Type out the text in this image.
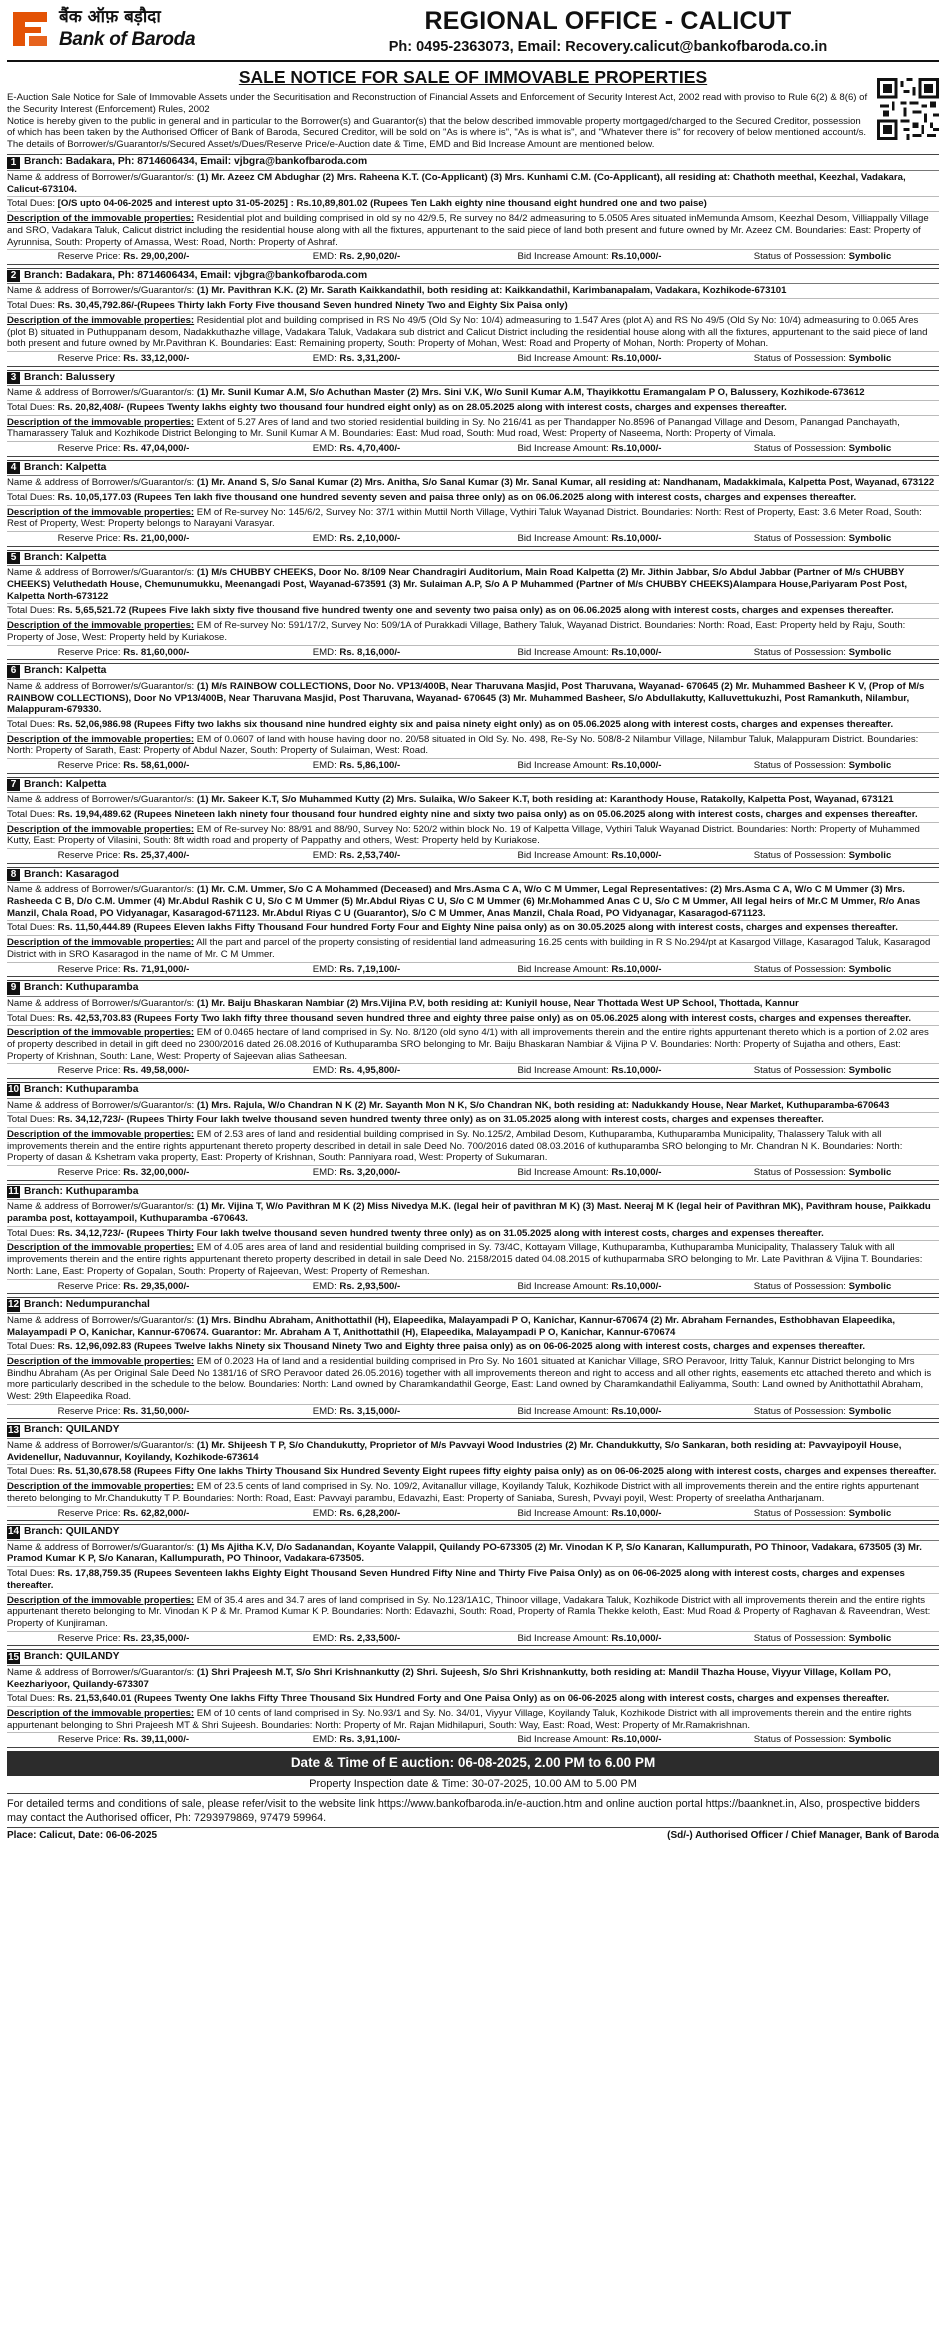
बैंक ऑफ़ बड़ौदा
Bank of Baroda
REGIONAL OFFICE - CALICUT
Ph: 0495-2363073, Email: Recovery.calicut@bankofbaroda.co.in
SALE NOTICE FOR SALE OF IMMOVABLE PROPERTIES
E-Auction Sale Notice for Sale of Immovable Assets under the Securitisation and Reconstruction of Financial Assets and Enforcement of Security Interest Act, 2002 read with proviso to Rule 6(2) & 8(6) of the Security Interest (Enforcement) Rules, 2002
Notice is hereby given to the public in general and in particular to the Borrower(s) and Guarantor(s) that the below described immovable property mortgaged/charged to the Secured Creditor, possession of which has been taken by the Authorised Officer of Bank of Baroda, Secured Creditor, will be sold on "As is where is", "As is what is", and "Whatever there is" for recovery of below mentioned account/s. The details of Borrower/s/Guarantor/s/Secured Asset/s/Dues/Reserve Price/e-Auction date & Time, EMD and Bid Increase Amount are mentioned below.
1 Branch: Badakara, Ph: 8714606434, Email: vjbgra@bankofbaroda.com
Name & address of Borrower/s/Guarantor/s: (1) Mr. Azeez CM Abdughar (2) Mrs. Raheena K.T. (Co-Applicant) (3) Mrs. Kunhami C.M. (Co-Applicant), all residing at: Chathoth meethal, Keezhal, Vadakara, Calicut-673104.
Total Dues: [O/S upto 04-06-2025 and interest upto 31-05-2025] : Rs.10,89,801.02 (Rupees Ten Lakh eighty nine thousand eight hundred one and two paise)
Description of the immovable properties: Residential plot and building comprised in old sy no 42/9.5, Re survey no 84/2 admeasuring to 5.0505 Ares situated inMemunda Amsom, Keezhal Desom, Villiappally Village and SRO, Vadakara Taluk, Calicut district including the residential house along with all the fixtures, appurtenant to the said piece of land both present and future owned by Mr. Azeez CM. Boundaries: East: Property of Ayrunnisa, South: Property of Amassa, West: Road, North: Property of Ashraf.
Reserve Price: Rs. 29,00,200/-	EMD: Rs. 2,90,020/-	Bid Increase Amount: Rs.10,000/-	Status of Possession: Symbolic
2 Branch: Badakara, Ph: 8714606434, Email: vjbgra@bankofbaroda.com
Name & address of Borrower/s/Guarantor/s: (1) Mr. Pavithran K.K. (2) Mr. Sarath Kaikkandathil, both residing at: Kaikkandathil, Karimbanapalam, Vadakara, Kozhikode-673101
Total Dues: Rs. 30,45,792.86/-(Rupees Thirty lakh Forty Five thousand Seven hundred Ninety Two and Eighty Six Paisa only)
Description of the immovable properties: Residential plot and building comprised in RS No 49/5 (Old Sy No: 10/4) admeasuring to 1.547 Ares (plot A) and RS No 49/5 (Old Sy No: 10/4) admeasuring to 0.065 Ares (plot B) situated in Puthuppanam desom, Nadakkuthazhe village, Vadakara Taluk, Vadakara sub district and Calicut District including the residential house along with all the fixtures, appurtenant to the said piece of land both present and future owned by Mr.Pavithran K. Boundaries: East: Remaining property, South: Property of Mohan, West: Road and Property of Mohan, North: Property of Mohan.
Reserve Price: Rs. 33,12,000/-	EMD: Rs. 3,31,200/-	Bid Increase Amount: Rs.10,000/-	Status of Possession: Symbolic
3 Branch: Balussery
Name & address of Borrower/s/Guarantor/s: (1) Mr. Sunil Kumar A.M, S/o Achuthan Master (2) Mrs. Sini V.K, W/o Sunil Kumar A.M, Thayikkottu Eramangalam P O, Balussery, Kozhikode-673612
Total Dues: Rs. 20,82,408/- (Rupees Twenty lakhs eighty two thousand four hundred eight only) as on 28.05.2025 along with interest costs, charges and expenses thereafter.
Description of the immovable properties: Extent of 5.27 Ares of land and two storied residential building in Sy. No 216/41 as per Thandapper No.8596 of Panangad Village and Desom, Panangad Panchayath, Thamarassery Taluk and Kozhikode District Belonging to Mr. Sunil Kumar A M. Boundaries: East: Mud road, South: Mud road, West: Property of Naseema, North: Property of Vimala.
Reserve Price: Rs. 47,04,000/-	EMD: Rs. 4,70,400/-	Bid Increase Amount: Rs.10,000/-	Status of Possession: Symbolic
4 Branch: Kalpetta
Name & address of Borrower/s/Guarantor/s: (1) Mr. Anand S, S/o Sanal Kumar (2) Mrs. Anitha, S/o Sanal Kumar (3) Mr. Sanal Kumar, all residing at: Nandhanam, Madakkimala, Kalpetta Post, Wayanad, 673122
Total Dues: Rs. 10,05,177.03 (Rupees Ten lakh five thousand one hundred seventy seven and paisa three only) as on 06.06.2025 along with interest costs, charges and expenses thereafter.
Description of the immovable properties: EM of Re-survey No: 145/6/2, Survey No: 37/1 within Muttil North Village, Vythiri Taluk Wayanad District. Boundaries: North: Rest of Property, East: 3.6 Meter Road, South: Rest of Property, West: Property belongs to Narayani Varasyar.
Reserve Price: Rs. 21,00,000/-	EMD: Rs. 2,10,000/-	Bid Increase Amount: Rs.10,000/-	Status of Possession: Symbolic
5 Branch: Kalpetta
Name & address of Borrower/s/Guarantor/s: (1) M/s CHUBBY CHEEKS, Door No. 8/109 Near Chandragiri Auditorium, Main Road Kalpetta (2) Mr. Jithin Jabbar, S/o Abdul Jabbar (Partner of M/s CHUBBY CHEEKS) Veluthedath House, Chemunumukku, Meenangadi Post, Wayanad-673591 (3) Mr. Sulaiman A.P, S/o A P Muhammed (Partner of M/s CHUBBY CHEEKS)Alampara House,Pariyaram Post Post, Kalpetta North-673122
Total Dues: Rs. 5,65,521.72 (Rupees Five lakh sixty five thousand five hundred twenty one and seventy two paisa only) as on 06.06.2025 along with interest costs, charges and expenses thereafter.
Description of the immovable properties: EM of Re-survey No: 591/17/2, Survey No: 509/1A of Purakkadi Village, Bathery Taluk, Wayanad District. Boundaries: North: Road, East: Property held by Raju, South: Property of Jose, West: Property held by Kuriakose.
Reserve Price: Rs. 81,60,000/-	EMD: Rs. 8,16,000/-	Bid Increase Amount: Rs.10,000/-	Status of Possession: Symbolic
6 Branch: Kalpetta
Name & address of Borrower/s/Guarantor/s: (1) M/s RAINBOW COLLECTIONS, Door No. VP13/400B, Near Tharuvana Masjid, Post Tharuvana, Wayanad- 670645 (2) Mr. Muhammed Basheer K V, (Prop of M/s RAINBOW COLLECTIONS), Door No VP13/400B, Near Tharuvana Masjid, Post Tharuvana, Wayanad- 670645 (3) Mr. Muhammed Basheer, S/o Abdullakutty, Kalluvettukuzhi, Post Ramankuth, Nilambur, Malappuram-679330.
Total Dues: Rs. 52,06,986.98 (Rupees Fifty two lakhs six thousand nine hundred eighty six and paisa ninety eight only) as on 05.06.2025 along with interest costs, charges and expenses thereafter.
Description of the immovable properties: EM of 0.0607 of land with house having door no. 20/58 situated in Old Sy. No. 498, Re-Sy No. 508/8-2 Nilambur Village, Nilambur Taluk, Malappuram District. Boundaries: North: Property of Sarath, East: Property of Abdul Nazer, South: Property of Sulaiman, West: Road.
Reserve Price: Rs. 58,61,000/-	EMD: Rs. 5,86,100/-	Bid Increase Amount: Rs.10,000/-	Status of Possession: Symbolic
7 Branch: Kalpetta
Name & address of Borrower/s/Guarantor/s: (1) Mr. Sakeer K.T, S/o Muhammed Kutty (2) Mrs. Sulaika, W/o Sakeer K.T, both residing at: Karanthody House, Ratakolly, Kalpetta Post, Wayanad, 673121
Total Dues: Rs. 19,94,489.62 (Rupees Nineteen lakh ninety four thousand four hundred eighty nine and sixty two paisa only) as on 05.06.2025 along with interest costs, charges and expenses thereafter.
Description of the immovable properties: EM of Re-survey No: 88/91 and 88/90, Survey No: 520/2 within block No. 19 of Kalpetta Village, Vythiri Taluk Wayanad District. Boundaries: North: Property of Muhammed Kutty, East: Property of Vilasini, South: 8ft width road and property of Pappathy and others, West: Property held by Kuriakose.
Reserve Price: Rs. 25,37,400/-	EMD: Rs. 2,53,740/-	Bid Increase Amount: Rs.10,000/-	Status of Possession: Symbolic
8 Branch: Kasaragod
Name & address of Borrower/s/Guarantor/s: (1) Mr. C.M. Ummer, S/o C A Mohammed (Deceased) and Mrs.Asma C A, W/o C M Ummer, Legal Representatives: (2) Mrs.Asma C A, W/o C M Ummer (3) Mrs. Rasheeda C B, D/o C.M. Ummer (4) Mr.Abdul Rashik C U, S/o C M Ummer (5) Mr.Abdul Riyas C U, S/o C M Ummer (6) Mr.Mohammed Anas C U, S/o C M Ummer, All legal heirs of Mr.C M Ummer, R/o Anas Manzil, Chala Road, PO Vidyanagar, Kasaragod-671123. Mr.Abdul Riyas C U (Guarantor), S/o C M Ummer, Anas Manzil, Chala Road, PO Vidyanagar, Kasaragod-671123.
Total Dues: Rs. 11,50,444.89 (Rupees Eleven lakhs Fifty Thousand Four hundred Forty Four and Eighty Nine paisa only) as on 30.05.2025 along with interest costs, charges and expenses thereafter.
Description of the immovable properties: All the part and parcel of the property consisting of residential land admeasuring 16.25 cents with building in R S No.294/pt at Kasargod Village, Kasaragod Taluk, Kasaragod District with in SRO Kasaragod in the name of Mr. C M Ummer.
Reserve Price: Rs. 71,91,000/-	EMD: Rs. 7,19,100/-	Bid Increase Amount: Rs.10,000/-	Status of Possession: Symbolic
9 Branch: Kuthuparamba
Name & address of Borrower/s/Guarantor/s: (1) Mr. Baiju Bhaskaran Nambiar (2) Mrs.Vijina P.V, both residing at: Kuniyil house, Near Thottada West UP School, Thottada, Kannur
Total Dues: Rs. 42,53,703.83 (Rupees Forty Two lakh fifty three thousand seven hundred three and eighty three paise only) as on 05.06.2025 along with interest costs, charges and expenses thereafter.
Description of the immovable properties: EM of 0.0465 hectare of land comprised in Sy. No. 8/120 (old syno 4/1) with all improvements therein and the entire rights appurtenant thereto which is a portion of 2.02 ares of property described in detail in gift deed no 2300/2016 dated 26.08.2016 of Kuthuparamba SRO belonging to Mr. Baiju Bhaskaran Nambiar & Vijina P V. Boundaries: North: Property of Sujatha and others, East: Property of Krishnan, South: Lane, West: Property of Sajeevan alias Satheesan.
Reserve Price: Rs. 49,58,000/-	EMD: Rs. 4,95,800/-	Bid Increase Amount: Rs.10,000/-	Status of Possession: Symbolic
10 Branch: Kuthuparamba
Name & address of Borrower/s/Guarantor/s: (1) Mrs. Rajula, W/o Chandran N K (2) Mr. Sayanth Mon N K, S/o Chandran NK, both residing at: Nadukkandy House, Near Market, Kuthuparamba-670643
Total Dues: Rs. 34,12,723/- (Rupees Thirty Four lakh twelve thousand seven hundred twenty three only) as on 31.05.2025 along with interest costs, charges and expenses thereafter.
Description of the immovable properties: EM of 2.53 ares of land and residential building comprised in Sy. No.125/2, Ambilad Desom, Kuthuparamba, Kuthuparamba Municipality, Thalassery Taluk with all improvements therein and the entire rights appurtenant thereto property described in detail in sale Deed No. 700/2016 dated 08.03.2016 of kuthuparamba SRO belonging to Mr. Chandran N K. Boundaries: North: Property of dasan & Kshetram vaka property, East: Property of Krishnan, South: Panniyara road, West: Property of Sukumaran.
Reserve Price: Rs. 32,00,000/-	EMD: Rs. 3,20,000/-	Bid Increase Amount: Rs.10,000/-	Status of Possession: Symbolic
11 Branch: Kuthuparamba
Name & address of Borrower/s/Guarantor/s: (1) Mr. Vijina T, W/o Pavithran M K (2) Miss Nivedya M.K. (legal heir of pavithran M K) (3) Mast. Neeraj M K (legal heir of Pavithran MK), Pavithram house, Paikkadu paramba post, kottayampoil, Kuthuparamba -670643.
Total Dues: Rs. 34,12,723/- (Rupees Thirty Four lakh twelve thousand seven hundred twenty three only) as on 31.05.2025 along with interest costs, charges and expenses thereafter.
Description of the immovable properties: EM of 4.05 ares area of land and residential building comprised in Sy. 73/4C, Kottayam Village, Kuthuparamba, Kuthuparamba Municipality, Thalassery Taluk with all improvements therein and the entire rights appurtenant thereto property described in detail in sale Deed No. 2158/2015 dated 04.08.2015 of kuthuparmaba SRO belonging to Mr. Late Pavithran & Vijina T. Boundaries: North: Lane, East: Property of Gopalan, South: Property of Rajeevan, West: Property of Remeshan.
Reserve Price: Rs. 29,35,000/-	EMD: Rs. 2,93,500/-	Bid Increase Amount: Rs.10,000/-	Status of Possession: Symbolic
12 Branch: Nedumpuranchal
Name & address of Borrower/s/Guarantor/s: (1) Mrs. Bindhu Abraham, Anithottathil (H), Elapeedika, Malayampadi P O, Kanichar, Kannur-670674 (2) Mr. Abraham Fernandes, Esthobhavan Elapeedika, Malayampadi P O, Kanichar, Kannur-670674. Guarantor: Mr. Abraham A T, Anithottathil (H), Elapeedika, Malayampadi P O, Kanichar, Kannur-670674
Total Dues: Rs. 12,96,092.83 (Rupees Twelve lakhs Ninety six Thousand Ninety Two and Eighty three paisa only) as on 06-06-2025 along with interest costs, charges and expenses thereafter.
Description of the immovable properties: EM of 0.2023 Ha of land and a residential building comprised in Pro Sy. No 1601 situated at Kanichar Village, SRO Peravoor, Iritty Taluk, Kannur District belonging to Mrs Bindhu Abraham (As per Original Sale Deed No 1381/16 of SRO Peravoor dated 26.05.2016) together with all improvements thereon and right to access and all other rights, easements etc attached thereto and which is more particularly described in the schedule to the below. Boundaries: North: Land owned by Charamkandathil George, East: Land owned by Charamkandathil Ealiyamma, South: Land owned by Anithottathil Abraham, West: 29th Elapeedika Road.
Reserve Price: Rs. 31,50,000/-	EMD: Rs. 3,15,000/-	Bid Increase Amount: Rs.10,000/-	Status of Possession: Symbolic
13 Branch: QUILANDY
Name & address of Borrower/s/Guarantor/s: (1) Mr. Shijeesh T P, S/o Chandukutty, Proprietor of M/s Pavvayi Wood Industries (2) Mr. Chandukkutty, S/o Sankaran, both residing at: Pavvayipoyil House, Avidenellur, Naduvannur, Koyilandy, Kozhikode-673614
Total Dues: Rs. 51,30,678.58 (Rupees Fifty One lakhs Thirty Thousand Six Hundred Seventy Eight rupees fifty eighty paisa only) as on 06-06-2025 along with interest costs, charges and expenses thereafter.
Description of the immovable properties: EM of 23.5 cents of land comprised in Sy. No. 109/2, Avitanallur village, Koyilandy Taluk, Kozhikode District with all improvements therein and the entire rights appurtenant thereto belonging to Mr.Chandukutty T P. Boundaries: North: Road, East: Pavvayi parambu, Edavazhi, East: Property of Saniaba, Suresh, Pvvayi poyil, West: Property of sreelatha Antharjanam.
Reserve Price: Rs. 62,82,000/-	EMD: Rs. 6,28,200/-	Bid Increase Amount: Rs.10,000/-	Status of Possession: Symbolic
14 Branch: QUILANDY
Name & address of Borrower/s/Guarantor/s: (1) Ms Ajitha K.V, D/o Sadanandan, Koyante Valappil, Quilandy PO-673305 (2) Mr. Vinodan K P, S/o Kanaran, Kallumpurath, PO Thinoor, Vadakara, 673505 (3) Mr. Pramod Kumar K P, S/o Kanaran, Kallumpurath, PO Thinoor, Vadakara-673505.
Total Dues: Rs. 17,88,759.35 (Rupees Seventeen lakhs Eighty Eight Thousand Seven Hundred Fifty Nine and Thirty Five Paisa Only) as on 06-06-2025 along with interest costs, charges and expenses thereafter.
Description of the immovable properties: EM of 35.4 ares and 34.7 ares of land comprised in Sy. No.123/1A1C, Thinoor village, Vadakara Taluk, Kozhikode District with all improvements therein and the entire rights appurtenant thereto belonging to Mr. Vinodan K P & Mr. Pramod Kumar K P. Boundaries: North: Edavazhi, South: Road, Property of Ramla Thekke keloth, East: Mud Road & Property of Raghavan & Raveendran, West: Property of Kunjiraman.
Reserve Price: Rs. 23,35,000/-	EMD: Rs. 2,33,500/-	Bid Increase Amount: Rs.10,000/-	Status of Possession: Symbolic
15 Branch: QUILANDY
Name & address of Borrower/s/Guarantor/s: (1) Shri Prajeesh M.T, S/o Shri Krishnankutty (2) Shri. Sujeesh, S/o Shri Krishnankutty, both residing at: Mandil Thazha House, Viyyur Village, Kollam PO, Keezhariyoor, Quilandy-673307
Total Dues: Rs. 21,53,640.01 (Rupees Twenty One lakhs Fifty Three Thousand Six Hundred Forty and One Paisa Only) as on 06-06-2025 along with interest costs, charges and expenses thereafter.
Description of the immovable properties: EM of 10 cents of land comprised in Sy. No.93/1 and Sy. No. 34/01, Viyyur Village, Koyilandy Taluk, Kozhikode District with all improvements therein and the entire rights appurtenant belonging to Shri Prajeesh MT & Shri Sujeesh. Boundaries: North: Property of Mr. Rajan Midhilapuri, South: Way, East: Road, West: Property of Mr.Ramakrishnan.
Reserve Price: Rs. 39,11,000/-	EMD: Rs. 3,91,100/-	Bid Increase Amount: Rs.10,000/-	Status of Possession: Symbolic
Date & Time of E auction: 06-08-2025, 2.00 PM to 6.00 PM
Property Inspection date & Time: 30-07-2025, 10.00 AM to 5.00 PM
For detailed terms and conditions of sale, please refer/visit to the website link https://www.bankofbaroda.in/e-auction.htm and online auction portal https://baanknet.in, Also, prospective bidders may contact the Authorised officer, Ph: 7293979869, 97479 59964.
Place: Calicut, Date: 06-06-2025	(Sd/-) Authorised Officer / Chief Manager, Bank of Baroda
